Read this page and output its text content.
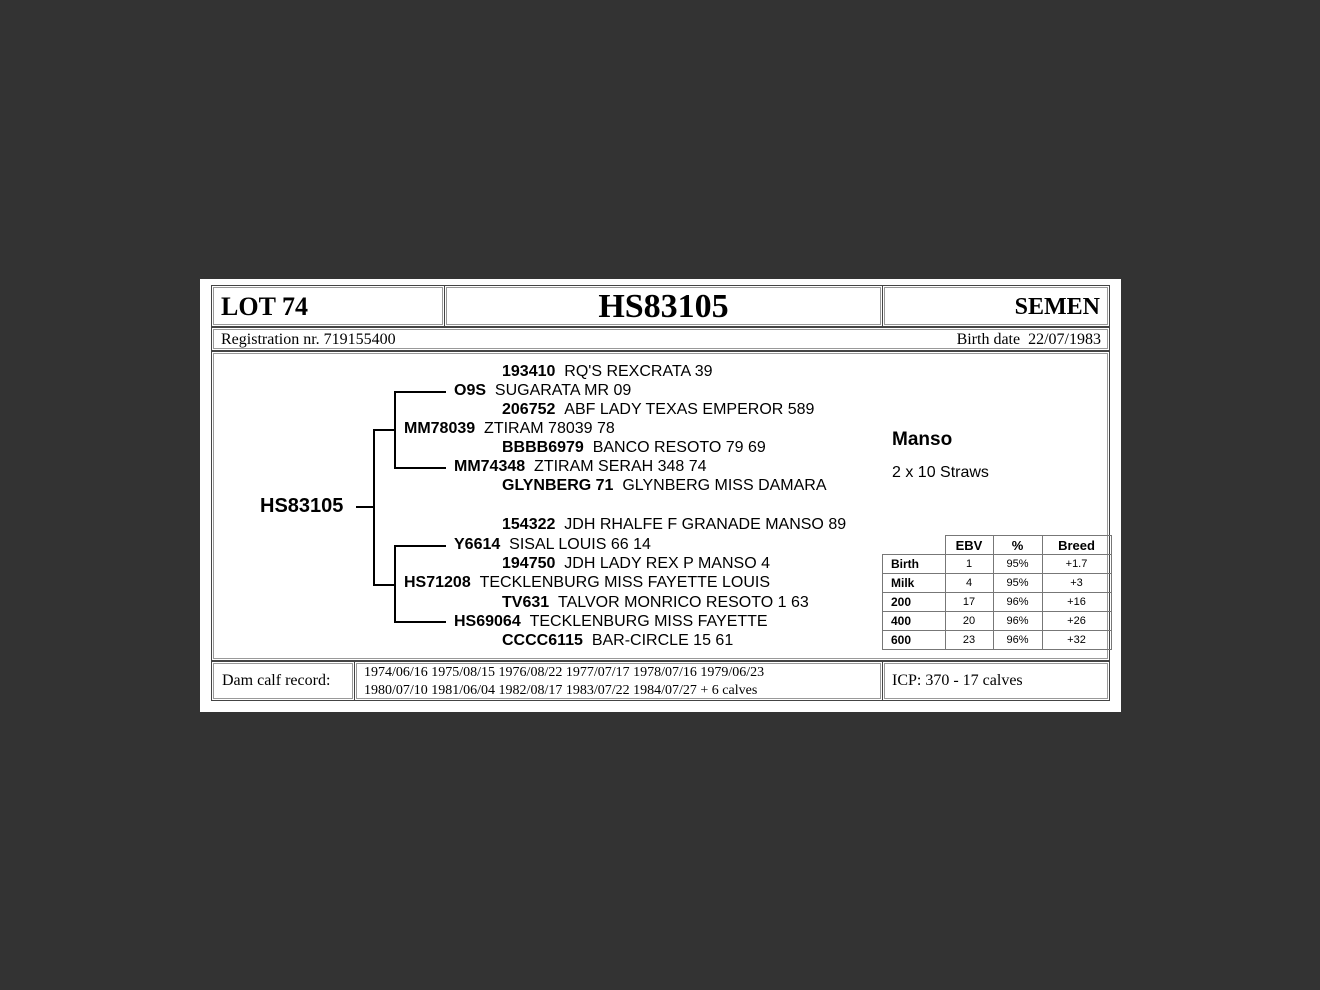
LOT 74	HS83105	SEMEN
Registration nr. 719155400	Birth date 22/07/1983
HS83105
193410 RQ'S REXCRATA 39
O9S SUGARATA MR 09
206752 ABF LADY TEXAS EMPEROR 589
MM78039 ZTIRAM 78039 78
BBBB6979 BANCO RESOTO 79 69
MM74348 ZTIRAM SERAH 348 74
GLYNBERG 71 GLYNBERG MISS DAMARA
154322 JDH RHALFE F GRANADE MANSO 89
Y6614 SISAL LOUIS 66 14
194750 JDH LADY REX P MANSO 4
HS71208 TECKLENBURG MISS FAYETTE LOUIS
TV631 TALVOR MONRICO RESOTO 1 63
HS69064 TECKLENBURG MISS FAYETTE
CCCC6115 BAR-CIRCLE 15 61
Manso
2 x 10 Straws
	EBV	%	Breed
Birth	1	95%	+1.7
Milk	4	95%	+3
200	17	96%	+16
400	20	96%	+26
600	23	96%	+32
Dam calf record: 1974/06/16 1975/08/15 1976/08/22 1977/07/17 1978/07/16 1979/06/23
1980/07/10 1981/06/04 1982/08/17 1983/07/22 1984/07/27 + 6 calves
ICP: 370 - 17 calves
